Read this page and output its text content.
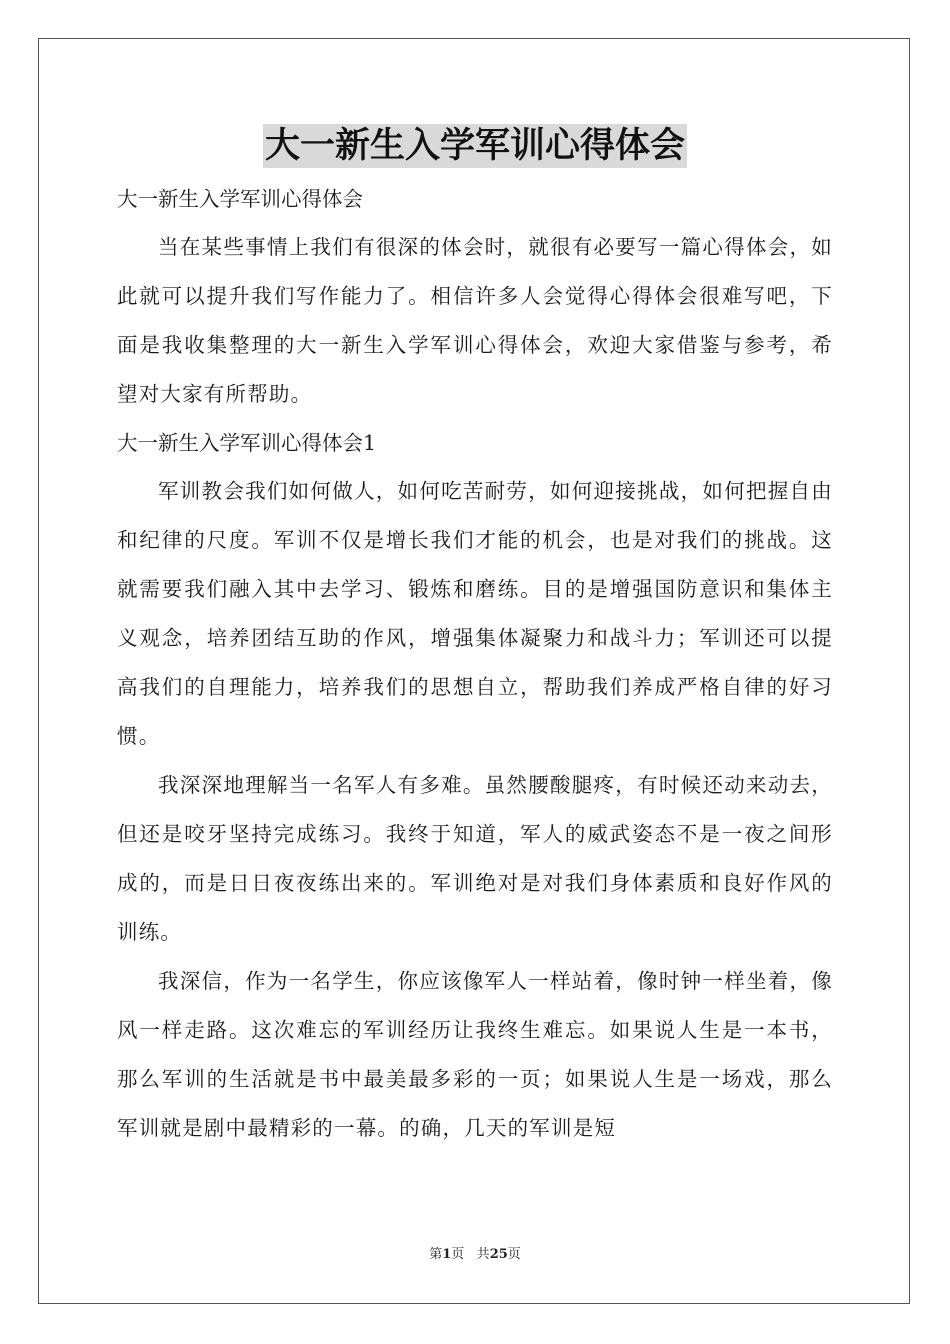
大一新生入学军训心得体会

大一新生入学军训心得体会

当在某些事情上我们有很深的体会时，就很有必要写一篇心得体会，如此就可以提升我们写作能力了。相信许多人会觉得心得体会很难写吧，下面是我收集整理的大一新生入学军训心得体会，欢迎大家借鉴与参考，希望对大家有所帮助。

大一新生入学军训心得体会1

军训教会我们如何做人，如何吃苦耐劳，如何迎接挑战，如何把握自由和纪律的尺度。军训不仅是增长我们才能的机会，也是对我们的挑战。这就需要我们融入其中去学习、锻炼和磨练。目的是增强国防意识和集体主义观念，培养团结互助的作风，增强集体凝聚力和战斗力；军训还可以提高我们的自理能力，培养我们的思想自立，帮助我们养成严格自律的好习惯。

我深深地理解当一名军人有多难。虽然腰酸腿疼，有时候还动来动去，但还是咬牙坚持完成练习。我终于知道，军人的威武姿态不是一夜之间形成的，而是日日夜夜练出来的。军训绝对是对我们身体素质和良好作风的训练。

我深信，作为一名学生，你应该像军人一样站着，像时钟一样坐着，像风一样走路。这次难忘的军训经历让我终生难忘。如果说人生是一本书，那么军训的生活就是书中最美最多彩的一页；如果说人生是一场戏，那么军训就是剧中最精彩的一幕。的确，几天的军训是短

第1页 共25页
